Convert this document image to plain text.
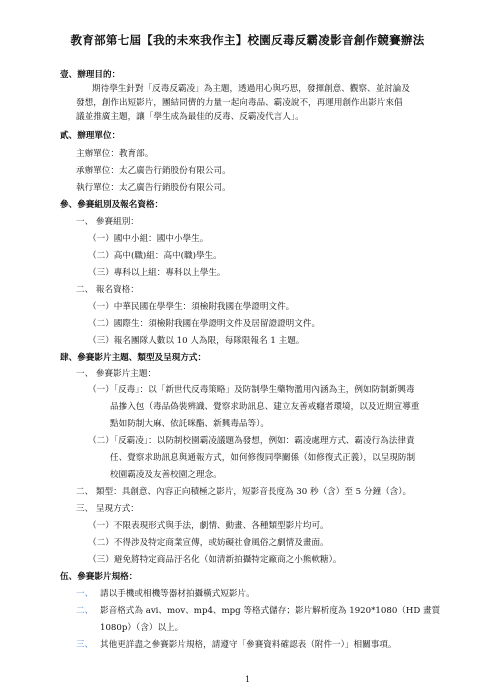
教育部第七屆【我的未來我作主】校園反毒反霸凌影音創作競賽辦法
壹、辦理目的：
期待學生針對「反毒反霸凌」為主題，透過用心與巧思，發揮創意、觀察、並討論及
發想，創作出短影片，團結同儕的力量一起向毒品、霸凌說不，再運用創作出影片來倡
議並推廣主題，讓「學生成為最佳的反毒、反霸凌代言人」。
貳、辦理單位：
主辦單位：教育部。
承辦單位：太乙廣告行銷股份有限公司。
執行單位：太乙廣告行銷股份有限公司。
參、參賽組別及報名資格：
一、 參賽組別：
（一）國中小組：國中小學生。
（二）高中(職)組：高中(職)學生。
（三）專科以上組：專科以上學生。
二、 報名資格：
（一）中華民國在學學生：須檢附我國在學證明文件。
（二）國際生：須檢附我國在學證明文件及居留證證明文件。
（三）報名團隊人數以 10 人為限，每隊限報名 1 主題。
肆、參賽影片主題、類型及呈現方式：
一、 參賽影片主題：
（一）「反毒」：以「新世代反毒策略」及防制學生藥物濫用內涵為主，例如防制新興毒
品摻入包（毒品偽裝辨識、覺察求助訊息、建立友善戒癮者環境，以及近期宣導重
點如防制大麻、依託咪酯、新興毒品等）。
（二）「反霸凌」：以防制校園霸凌議題為發想，例如：霸凌處理方式、霸凌行為法律責
任、覺察求助訊息與通報方式，如何修復同學關係（如修復式正義），以呈現防制
校園霸凌及友善校園之理念。
二、 類型：具創意、內容正向積極之影片，短影音長度為 30 秒（含）至 5 分鐘（含）。
三、 呈現方式：
（一）不限表現形式與手法，劇情、動畫、各種類型影片均可。
（二）不得涉及特定商業宣傳，或妨礙社會風俗之劇情及畫面。
（三）避免將特定商品汙名化（如清新拍攝特定廠商之小熊軟糖）。
伍、參賽影片規格：
一、 請以手機或相機等器材拍攝橫式短影片。
二、 影音格式為 avi、mov、mp4、mpg 等格式儲存；影片解析度為 1920*1080（HD 畫質
1080p）（含）以上。
三、 其他更詳盡之參賽影片規格，請遵守「參賽資料確認表（附件一）」相關事項。
1
